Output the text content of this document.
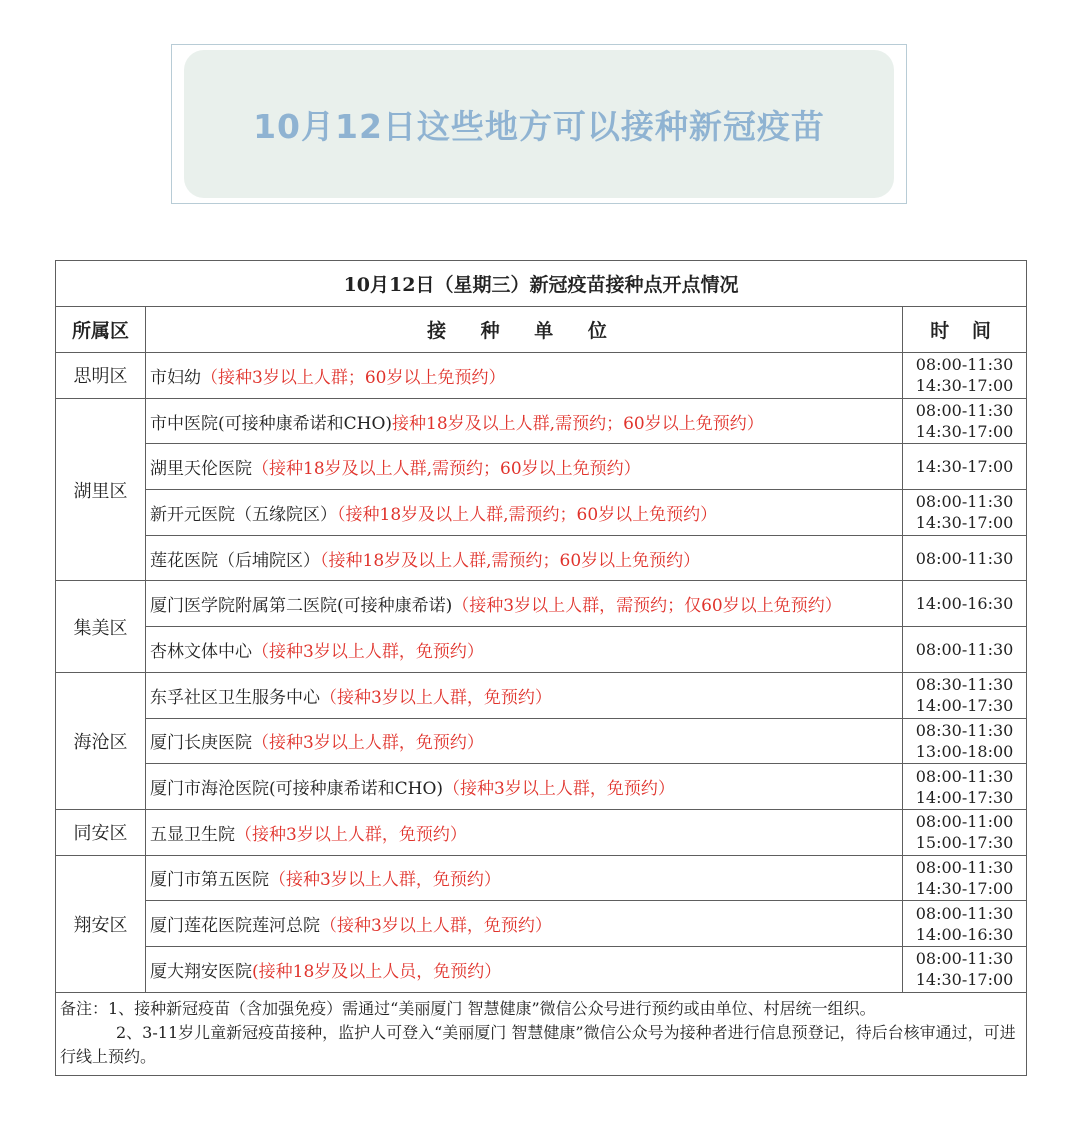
10月12日这些地方可以接种新冠疫苗
10月12日（星期三）新冠疫苗接种点开点情况		
所属区	接 种 单 位	时 间
思明区	市妇幼（接种3岁以上人群；60岁以上免预约）	08:00-11:30
14:30-17:00

湖里区	市中医院(可接种康希诺和CHO)接种18岁及以上人群,需预约；60岁以上免预约）	08:00-11:30
14:30-17:00

	湖里天伦医院（接种18岁及以上人群,需预约；60岁以上免预约）	14:30-17:00

	新开元医院（五缘院区）（接种18岁及以上人群,需预约；60岁以上免预约）	08:00-11:30
14:30-17:00

	莲花医院（后埔院区）（接种18岁及以上人群,需预约；60岁以上免预约）	08:00-11:30

集美区	厦门医学院附属第二医院(可接种康希诺)（接种3岁以上人群，需预约；仅60岁以上免预约）	14:00-16:30

	杏林文体中心（接种3岁以上人群，免预约）	08:00-11:30

海沧区	东孚社区卫生服务中心（接种3岁以上人群，免预约）	08:30-11:30
14:00-17:30

	厦门长庚医院（接种3岁以上人群，免预约）	08:30-11:30
13:00-18:00

	厦门市海沧医院(可接种康希诺和CHO)（接种3岁以上人群，免预约）	08:00-11:30
14:00-17:30

同安区	五显卫生院（接种3岁以上人群，免预约）	08:00-11:00
15:00-17:30

翔安区	厦门市第五医院（接种3岁以上人群，免预约）	08:00-11:30
14:30-17:00

	厦门莲花医院莲河总院（接种3岁以上人群，免预约）	08:00-11:30
14:00-16:30

	厦大翔安医院(接种18岁及以上人员，免预约）	08:00-11:30
14:30-17:00

备注：1、接种新冠疫苗（含加强免疫）需通过“美丽厦门 智慧健康”微信公众号进行预约或由单位、村居统一组织。
2、3-11岁儿童新冠疫苗接种，监护人可登入“美丽厦门 智慧健康”微信公众号为接种者进行信息预登记，待后台核审通过，可进行线上预约。		
